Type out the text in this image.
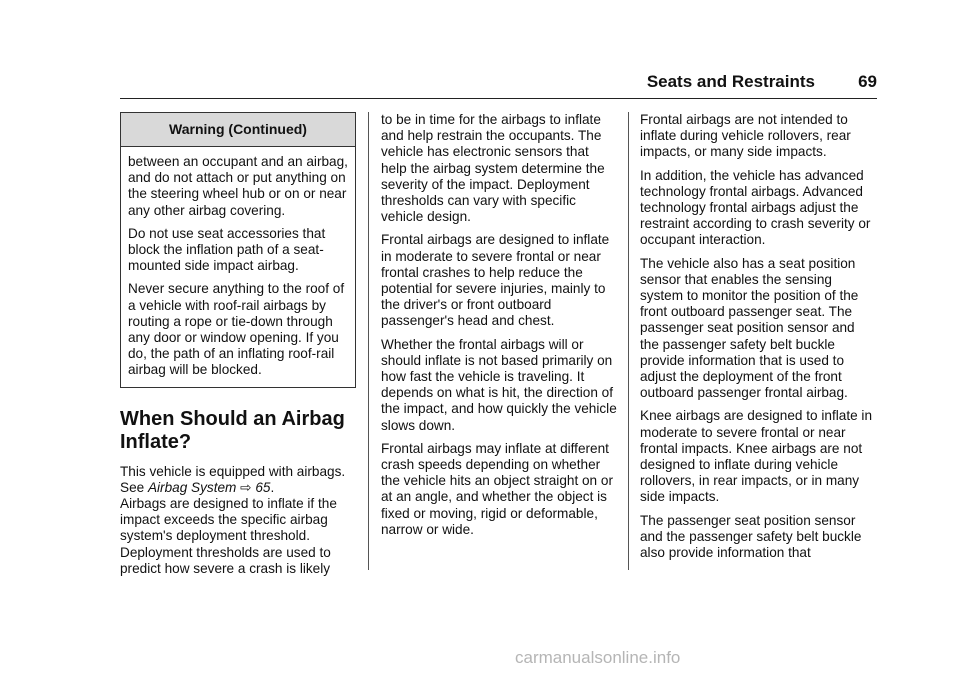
Seats and Restraints	69
Warning (Continued)

between an occupant and an airbag, and do not attach or put anything on the steering wheel hub or on or near any other airbag covering.

Do not use seat accessories that block the inflation path of a seat-mounted side impact airbag.

Never secure anything to the roof of a vehicle with roof-rail airbags by routing a rope or tie-down through any door or window opening. If you do, the path of an inflating roof-rail airbag will be blocked.

When Should an Airbag Inflate?

This vehicle is equipped with airbags. See Airbag System ⇨ 65.
Airbags are designed to inflate if the impact exceeds the specific airbag system's deployment threshold. Deployment thresholds are used to predict how severe a crash is likely

to be in time for the airbags to inflate and help restrain the occupants. The vehicle has electronic sensors that help the airbag system determine the severity of the impact. Deployment thresholds can vary with specific vehicle design.

Frontal airbags are designed to inflate in moderate to severe frontal or near frontal crashes to help reduce the potential for severe injuries, mainly to the driver's or front outboard passenger's head and chest.

Whether the frontal airbags will or should inflate is not based primarily on how fast the vehicle is traveling. It depends on what is hit, the direction of the impact, and how quickly the vehicle slows down.

Frontal airbags may inflate at different crash speeds depending on whether the vehicle hits an object straight on or at an angle, and whether the object is fixed or moving, rigid or deformable, narrow or wide.

Frontal airbags are not intended to inflate during vehicle rollovers, rear impacts, or many side impacts.

In addition, the vehicle has advanced technology frontal airbags. Advanced technology frontal airbags adjust the restraint according to crash severity or occupant interaction.

The vehicle also has a seat position sensor that enables the sensing system to monitor the position of the front outboard passenger seat. The passenger seat position sensor and the passenger safety belt buckle provide information that is used to adjust the deployment of the front outboard passenger frontal airbag.

Knee airbags are designed to inflate in moderate to severe frontal or near frontal impacts. Knee airbags are not designed to inflate during vehicle rollovers, in rear impacts, or in many side impacts.

The passenger seat position sensor and the passenger safety belt buckle also provide information that

carmanualsonline.info
